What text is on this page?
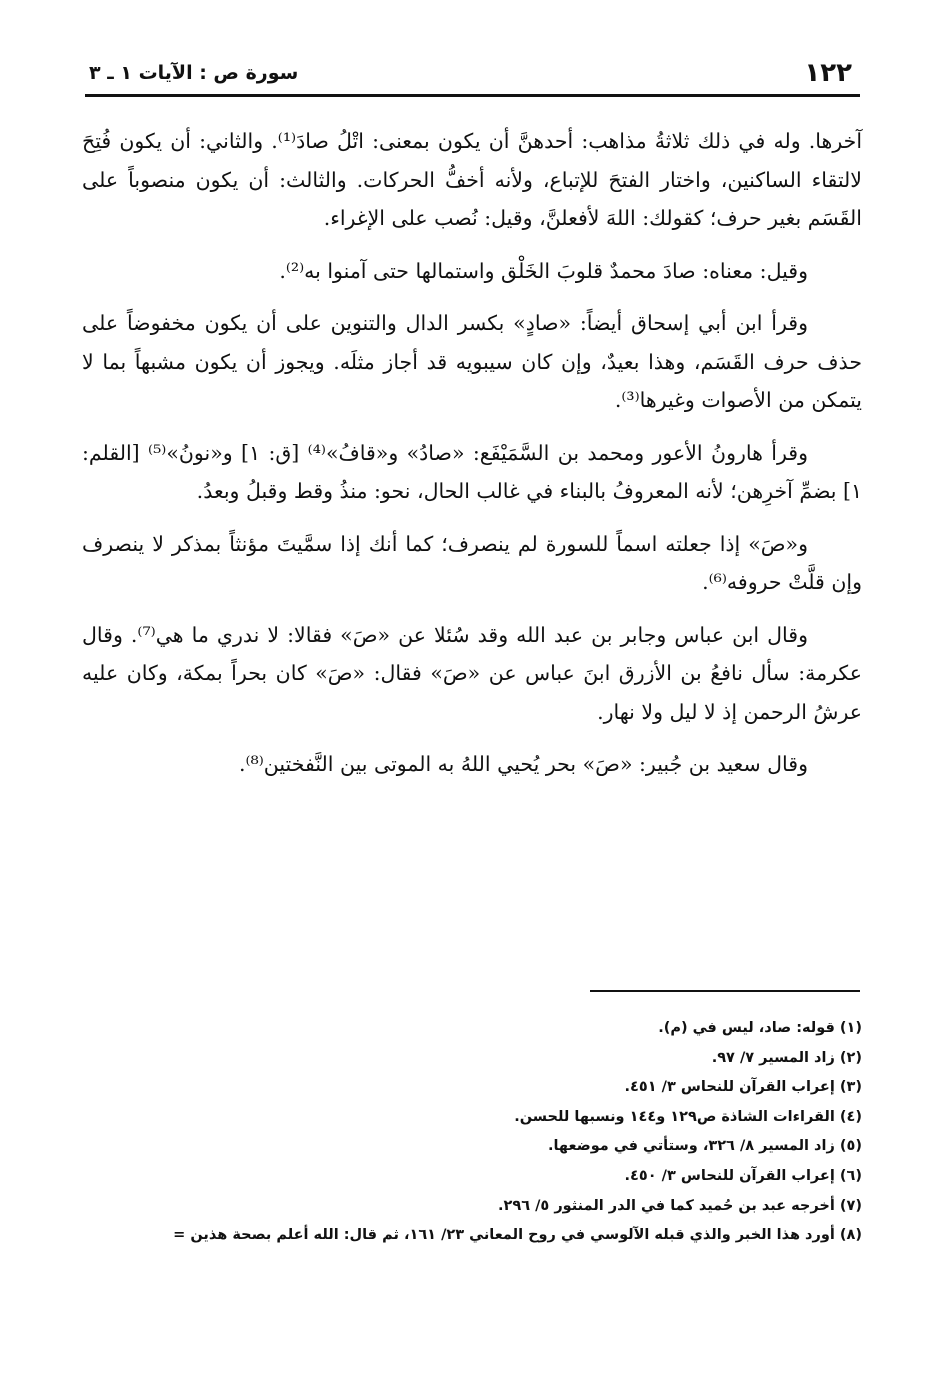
١٢٢
سورة ص : الآيات ١ ـ ٣

آخرها. وله في ذلك ثلاثةُ مذاهب: أحدهنَّ أن يكون بمعنى: اتْلُ صادَ⁽¹⁾. والثاني: أن يكون فُتِحَ لالتقاء الساكنين، واختار الفتحَ للإتباع، ولأنه أخفُّ الحركات. والثالث: أن يكون منصوباً على القَسَم بغير حرف؛ كقولك: اللهَ لأفعلنَّ، وقيل: نُصب على الإغراء.

وقيل: معناه: صادَ محمدٌ قلوبَ الخَلْق واستمالها حتى آمنوا به⁽²⁾.

وقرأ ابن أبي إسحاق أيضاً: «صادٍ» بكسر الدال والتنوين على أن يكون مخفوضاً على حذف حرف القَسَم، وهذا بعيدٌ، وإن كان سيبويه قد أجاز مثلَه. ويجوز أن يكون مشبهاً بما لا يتمكن من الأصوات وغيرها⁽³⁾.

وقرأ هارونُ الأعور ومحمد بن السَّمَيْفَع: «صادُ» و«قافُ»⁽⁴⁾ [ق: ١] و«نونُ»⁽⁵⁾ [القلم: ١] بضمِّ آخرِهن؛ لأنه المعروفُ بالبناء في غالب الحال، نحو: منذُ وقط وقبلُ وبعدُ.

و«صَ» إذا جعلته اسماً للسورة لم ينصرف؛ كما أنك إذا سمَّيتَ مؤنثاً بمذكر لا ينصرف وإن قلَّتْ حروفه⁽⁶⁾.

وقال ابن عباس وجابر بن عبد الله وقد سُئلا عن «صَ» فقالا: لا ندري ما هي⁽⁷⁾. وقال عكرمة: سأل نافعُ بن الأزرق ابنَ عباس عن «صَ» فقال: «صَ» كان بحراً بمكة، وكان عليه عرشُ الرحمن إذ لا ليل ولا نهار.

وقال سعيد بن جُبير: «صَ» بحر يُحيي اللهُ به الموتى بين النَّفختين⁽⁸⁾.

(١) قوله: صاد، ليس في (م).
(٢) زاد المسير ٧/ ٩٧.
(٣) إعراب القرآن للنحاس ٣/ ٤٥١.
(٤) القراءات الشاذة ص١٢٩ و١٤٤ ونسبها للحسن.
(٥) زاد المسير ٨/ ٣٢٦، وستأتي في موضعها.
(٦) إعراب القرآن للنحاس ٣/ ٤٥٠.
(٧) أخرجه عبد بن حُميد كما في الدر المنثور ٥/ ٢٩٦.
(٨) أورد هذا الخبر والذي قبله الآلوسي في روح المعاني ٢٣/ ١٦١، ثم قال: الله أعلم بصحة هذين =
